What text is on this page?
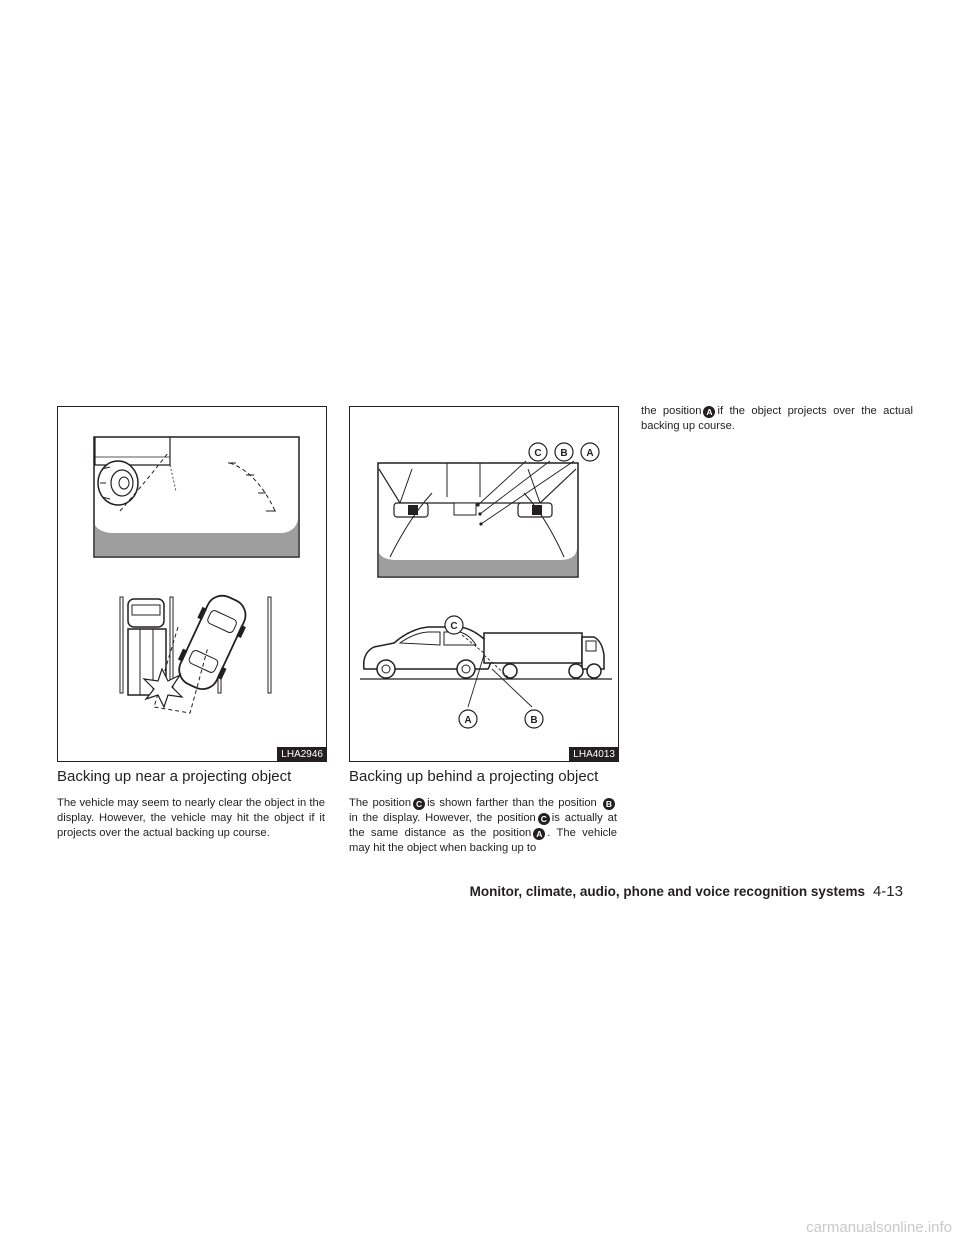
LHA2946
C B A
C
A	B
LHA4013
Backing up near a projecting object

The vehicle may seem to nearly clear the object in the display. However, the vehicle may hit the object if it projects over the actual backing up course.

Backing up behind a projecting object

The position C is shown farther than the position Bin the display. However, the position C is actually at the same distance as the position A . The vehicle may hit the object when backing up to

the position A if the object projects over the actual backing up course.

Monitor, climate, audio, phone and voice recognition systems 4-13
carmanualsonline.info
